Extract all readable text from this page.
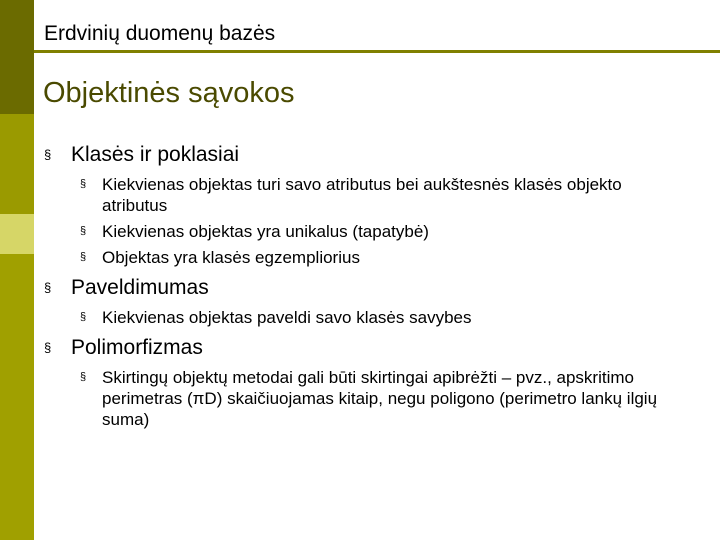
Erdvinių duomenų bazės
Objektinės sąvokos
§ Klasės ir poklasiai
§ Kiekvienas objektas turi savo atributus bei aukštesnės klasės objekto atributus
§ Kiekvienas objektas yra unikalus (tapatybė)
§ Objektas yra klasės egzempliorius
§ Paveldimumas
§ Kiekvienas objektas paveldi savo klasės savybes
§ Polimorfizmas
§ Skirtingų objektų metodai gali būti skirtingai apibrėžti – pvz., apskritimo perimetras (πD) skaičiuojamas kitaip, negu poligono (perimetro lankų ilgių suma)
